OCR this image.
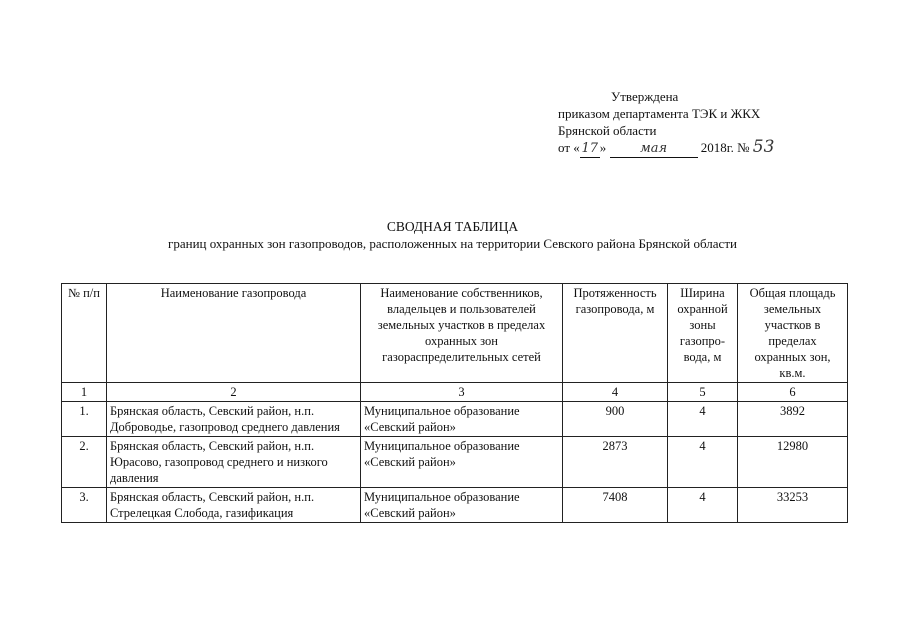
Утверждена
приказом департамента ТЭК и ЖКХ
Брянской области
от « 17 »	мая	2018г. № 53
СВОДНАЯ ТАБЛИЦА
границ охранных зон газопроводов, расположенных на территории Севского района Брянской области
№ п/п	Наименование газопровода	Наименование собственников, владельцев и пользователей земельных участков в пределах охранных зон газораспределительных сетей	Протяженность газопровода, м	Ширина охранной зоны газопро-вода, м	Общая площадь земельных участков в пределах охранных зон, кв.м.
1	2	3	4	5	6
1.	Брянская область, Севский район, н.п. Доброводье, газопровод среднего давления	Муниципальное образование «Севский район»	900	4	3892
2.	Брянская область, Севский район, н.п. Юрасово, газопровод среднего и низкого давления	Муниципальное образование «Севский район»	2873	4	12980
3.	Брянская область, Севский район, н.п. Стрелецкая Слобода, газификация	Муниципальное образование «Севский район»	7408	4	33253
